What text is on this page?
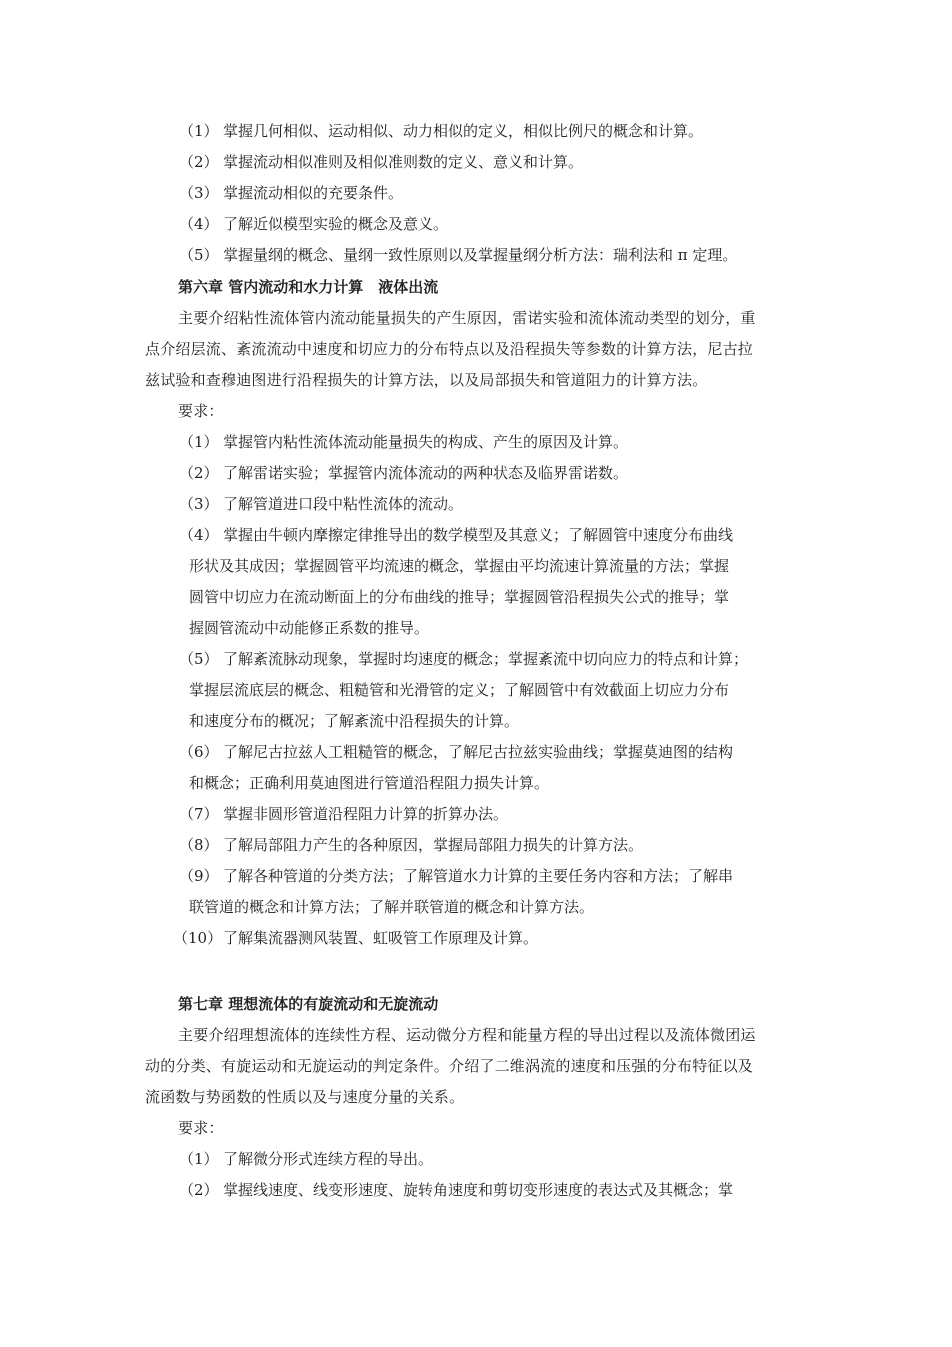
（1） 掌握几何相似、运动相似、动力相似的定义，相似比例尺的概念和计算。
（2） 掌握流动相似准则及相似准则数的定义、意义和计算。
（3） 掌握流动相似的充要条件。
（4） 了解近似模型实验的概念及意义。
（5） 掌握量纲的概念、量纲一致性原则以及掌握量纲分析方法：瑞利法和 π 定理。
第六章 管内流动和水力计算　液体出流
主要介绍粘性流体管内流动能量损失的产生原因，雷诺实验和流体流动类型的划分，重
点介绍层流、紊流流动中速度和切应力的分布特点以及沿程损失等参数的计算方法，尼古拉
兹试验和查穆迪图进行沿程损失的计算方法，以及局部损失和管道阻力的计算方法。
要求：
（1） 掌握管内粘性流体流动能量损失的构成、产生的原因及计算。
（2） 了解雷诺实验；掌握管内流体流动的两种状态及临界雷诺数。
（3） 了解管道进口段中粘性流体的流动。
（4） 掌握由牛顿内摩擦定律推导出的数学模型及其意义；了解圆管中速度分布曲线
形状及其成因；掌握圆管平均流速的概念，掌握由平均流速计算流量的方法；掌握
圆管中切应力在流动断面上的分布曲线的推导；掌握圆管沿程损失公式的推导；掌
握圆管流动中动能修正系数的推导。
（5） 了解紊流脉动现象，掌握时均速度的概念；掌握紊流中切向应力的特点和计算；
掌握层流底层的概念、粗糙管和光滑管的定义；了解圆管中有效截面上切应力分布
和速度分布的概况；了解紊流中沿程损失的计算。
（6） 了解尼古拉兹人工粗糙管的概念，了解尼古拉兹实验曲线；掌握莫迪图的结构
和概念；正确利用莫迪图进行管道沿程阻力损失计算。
（7） 掌握非圆形管道沿程阻力计算的折算办法。
（8） 了解局部阻力产生的各种原因，掌握局部阻力损失的计算方法。
（9） 了解各种管道的分类方法；了解管道水力计算的主要任务内容和方法；了解串
联管道的概念和计算方法；了解并联管道的概念和计算方法。
（10） 了解集流器测风装置、虹吸管工作原理及计算。
第七章 理想流体的有旋流动和无旋流动
主要介绍理想流体的连续性方程、运动微分方程和能量方程的导出过程以及流体微团运
动的分类、有旋运动和无旋运动的判定条件。介绍了二维涡流的速度和压强的分布特征以及
流函数与势函数的性质以及与速度分量的关系。
要求：
（1） 了解微分形式连续方程的导出。
（2） 掌握线速度、线变形速度、旋转角速度和剪切变形速度的表达式及其概念；掌
